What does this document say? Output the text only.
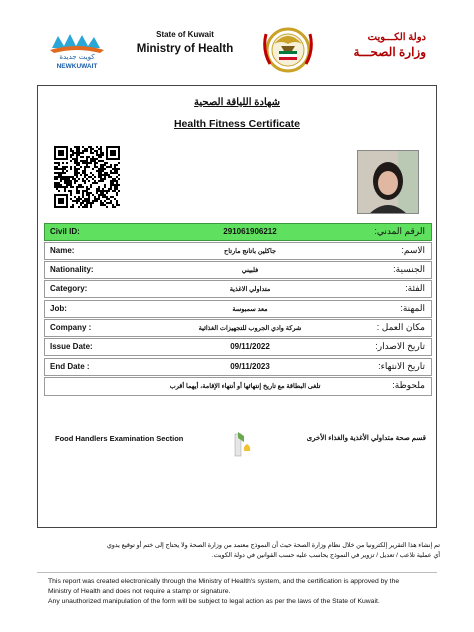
كويت جديدة
NEWKUWAIT
State of Kuwait
Ministry of Health
دولة الكـــويت
وزارة الصحـــة
شهادة اللياقة الصحية
Health Fitness Certificate
Civil ID:	291061906212	الرقم المدني:
Name:	جاكلين باتانج مارتاح	الاسم:
Nationality:	فلبيني	الجنسية:
Category:	متداولي الاغذية	الفئة:
Job:	معد سمبوسة	المهنة:
Company :	شركة وادي الجروب للتجهيزات الغذائية	مكان العمل :
Issue Date:	09/11/2022	تاريخ الاصدار:
End Date :	09/11/2023	تاريخ الانتهاء:
تلغى البطاقة مع تاريخ إنتهائها أو أنتهاء الإقامة، أيهما أقرب	ملحوظة:
Food Handlers Examination Section	قسم صحة متداولي الأغذية والغذاء الأخرى
تم إنشاء هذا التقرير إلكترونيا من خلال نظام وزارة الصحة حيث أن النموذج معتمد من وزارة الصحة ولا يحتاج إلى ختم أو توقيع يدوي
أي عملية تلاعب / تعديل / تزوير في النموذج يحاسب عليه حسب القوانين في دولة الكويت.
This report was created electronically through the Ministry of Health's system, and the certification is approved by the
Ministry of Health and does not require a stamp or signature.
Any unauthorized manipulation of the form will be subject to legal action as per the laws of the State of Kuwait.
